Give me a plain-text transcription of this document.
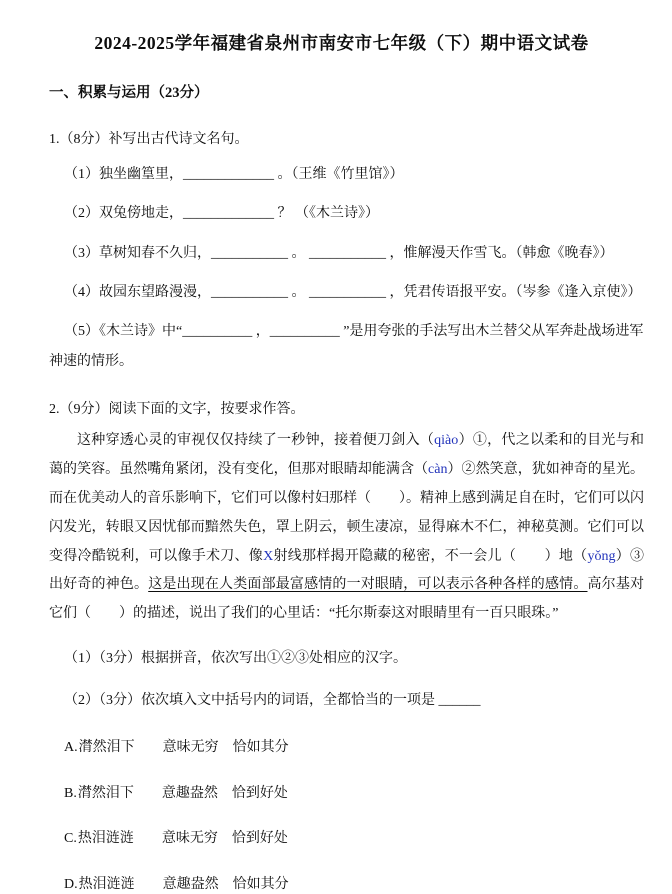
2024-2025学年福建省泉州市南安市七年级（下）期中语文试卷
一、积累与运用（23分）
1.（8分）补写出古代诗文名句。
（1）独坐幽篁里，_____________ 。（王维《竹里馆》）
（2）双兔傍地走，_____________ ？ （《木兰诗》）
（3）草树知春不久归，___________ 。 ___________ ，惟解漫天作雪飞。（韩愈《晚春》）
（4）故园东望路漫漫，___________ 。 ___________ ，凭君传语报平安。（岑参《逢入京使》）
（5）《木兰诗》中“__________ ，__________ ”是用夸张的手法写出木兰替父从军奔赴战场进军神速的情形。
2.（9分）阅读下面的文字，按要求作答。

这种穿透心灵的审视仅仅持续了一秒钟，接着便刀剑入（qiào）①，代之以柔和的目光与和蔼的笑容。虽然嘴角紧闭，没有变化，但那对眼睛却能满含（càn）②然笑意，犹如神奇的星光。而在优美动人的音乐影响下，它们可以像村妇那样（　　）。精神上感到满足自在时，它们可以闪闪发光，转眼又因忧郁而黯然失色，罩上阴云，顿生凄凉，显得麻木不仁，神秘莫测。它们可以变得冷酷锐利，可以像手术刀、像X射线那样揭开隐藏的秘密，不一会儿（　　）地（yǒng）③出好奇的神色。这是出现在人类面部最富感情的一对眼睛，可以表示各种各样的感情。高尔基对它们（　　）的描述，说出了我们的心里话：“托尔斯泰这对眼睛里有一百只眼珠。”

（1）（3分）根据拼音，依次写出①②③处相应的汉字。
（2）（3分）依次填入文中括号内的词语，全都恰当的一项是 ______
A.潸然泪下 意味无穷 恰如其分
B.潸然泪下 意趣盎然 恰到好处
C.热泪涟涟 意味无穷 恰到好处
D.热泪涟涟 意趣盎然 恰如其分
